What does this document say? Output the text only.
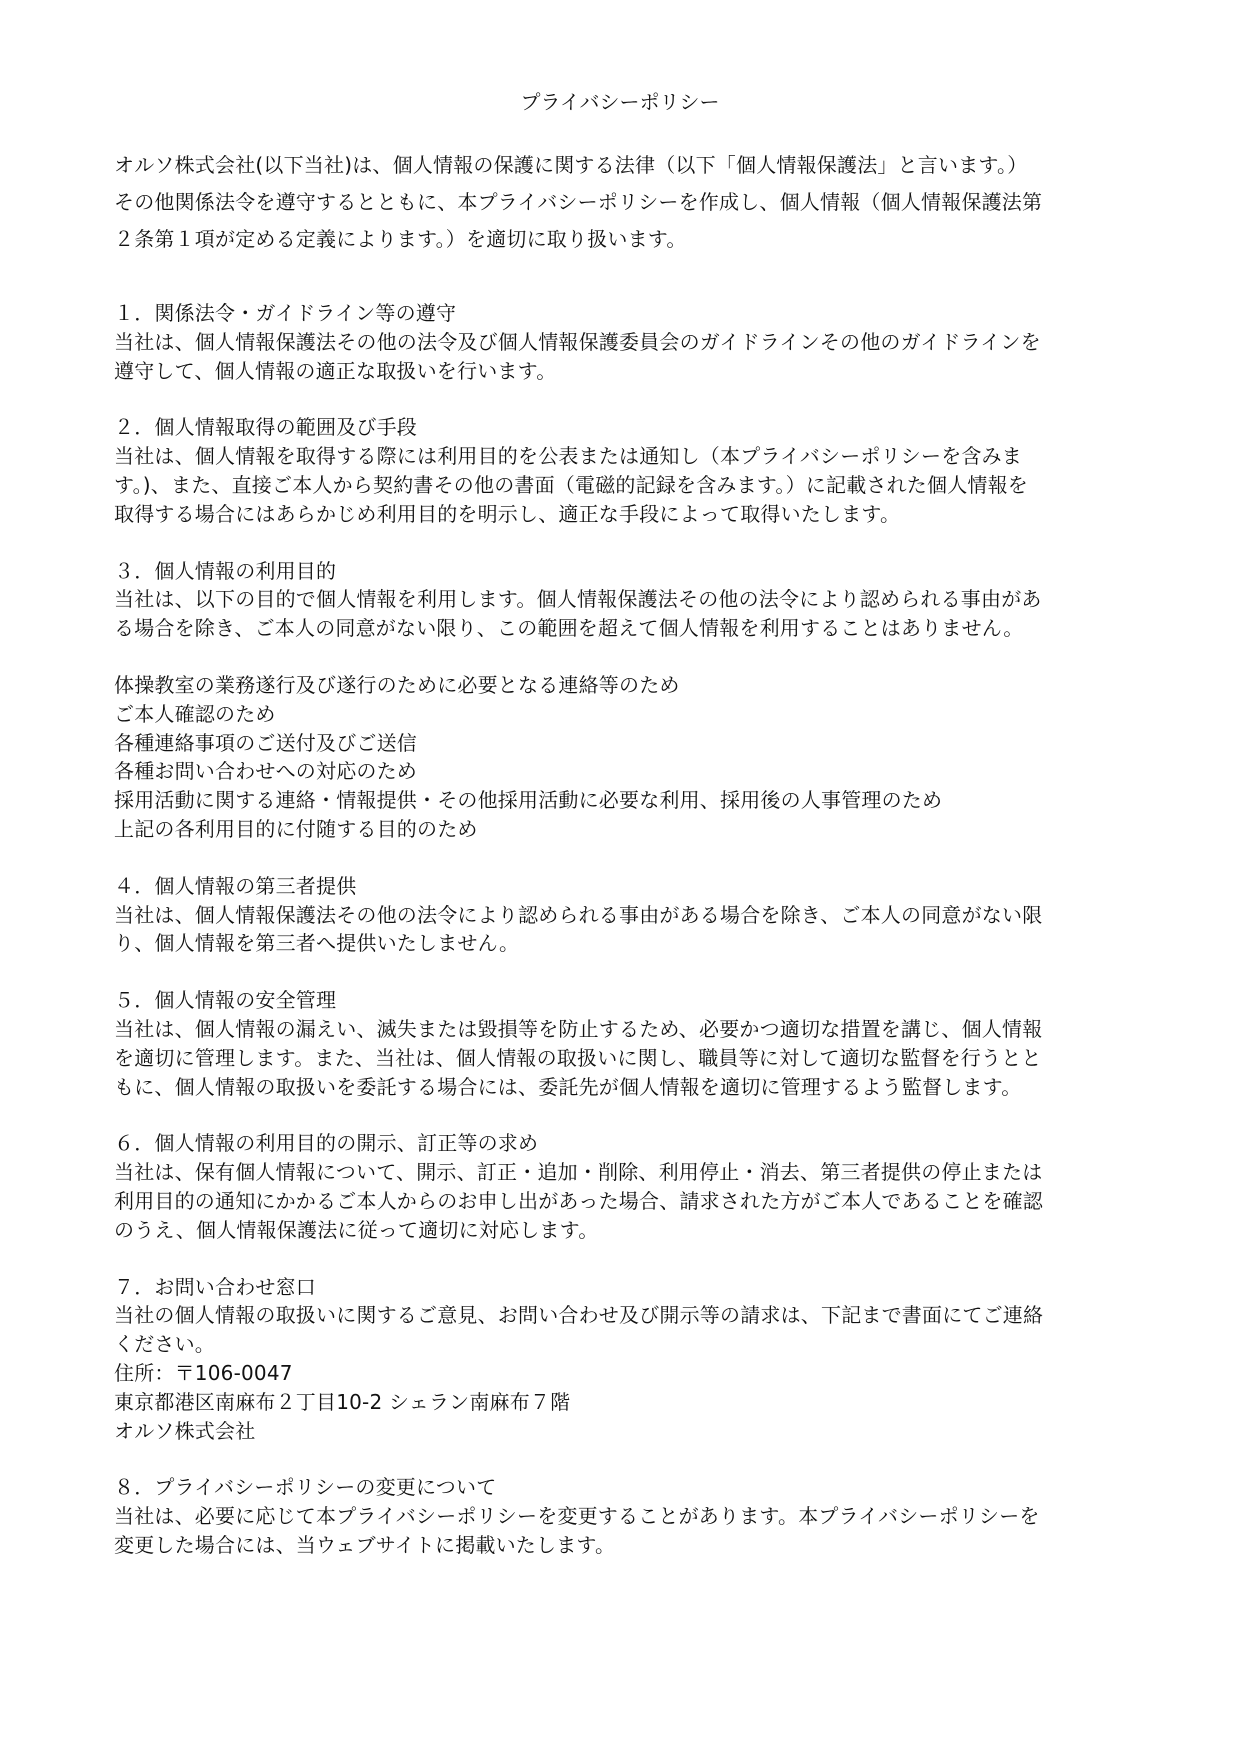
プライバシーポリシー

オルソ株式会社(以下当社)は、個人情報の保護に関する法律（以下「個人情報保護法」と言います。）

その他関係法令を遵守するとともに、本プライバシーポリシーを作成し、個人情報（個人情報保護法第

２条第１項が定める定義によります。）を適切に取り扱います。

１．関係法令・ガイドライン等の遵守

当社は、個人情報保護法その他の法令及び個人情報保護委員会のガイドラインその他のガイドラインを

遵守して、個人情報の適正な取扱いを行います。

２．個人情報取得の範囲及び手段

当社は、個人情報を取得する際には利用目的を公表または通知し（本プライバシーポリシーを含みま

す。)、また、直接ご本人から契約書その他の書面（電磁的記録を含みます。）に記載された個人情報を

取得する場合にはあらかじめ利用目的を明示し、適正な手段によって取得いたします。

３．個人情報の利用目的

当社は、以下の目的で個人情報を利用します。個人情報保護法その他の法令により認められる事由があ

る場合を除き、ご本人の同意がない限り、この範囲を超えて個人情報を利用することはありません。

体操教室の業務遂行及び遂行のために必要となる連絡等のため
ご本人確認のため
各種連絡事項のご送付及びご送信
各種お問い合わせへの対応のため
採用活動に関する連絡・情報提供・その他採用活動に必要な利用、採用後の人事管理のため
上記の各利用目的に付随する目的のため
４．個人情報の第三者提供

当社は、個人情報保護法その他の法令により認められる事由がある場合を除き、ご本人の同意がない限

り、個人情報を第三者へ提供いたしません。

５．個人情報の安全管理

当社は、個人情報の漏えい、滅失または毀損等を防止するため、必要かつ適切な措置を講じ、個人情報

を適切に管理します。また、当社は、個人情報の取扱いに関し、職員等に対して適切な監督を行うとと

もに、個人情報の取扱いを委託する場合には、委託先が個人情報を適切に管理するよう監督します。

６．個人情報の利用目的の開示、訂正等の求め

当社は、保有個人情報について、開示、訂正・追加・削除、利用停止・消去、第三者提供の停止または

利用目的の通知にかかるご本人からのお申し出があった場合、請求された方がご本人であることを確認

のうえ、個人情報保護法に従って適切に対応します。

７．お問い合わせ窓口

当社の個人情報の取扱いに関するご意見、お問い合わせ及び開示等の請求は、下記まで書面にてご連絡

ください。

住所：〒106-0047

東京都港区南麻布２丁目10-2 シェラン南麻布７階

オルソ株式会社

８．プライバシーポリシーの変更について

当社は、必要に応じて本プライバシーポリシーを変更することがあります。本プライバシーポリシーを

変更した場合には、当ウェブサイトに掲載いたします。
